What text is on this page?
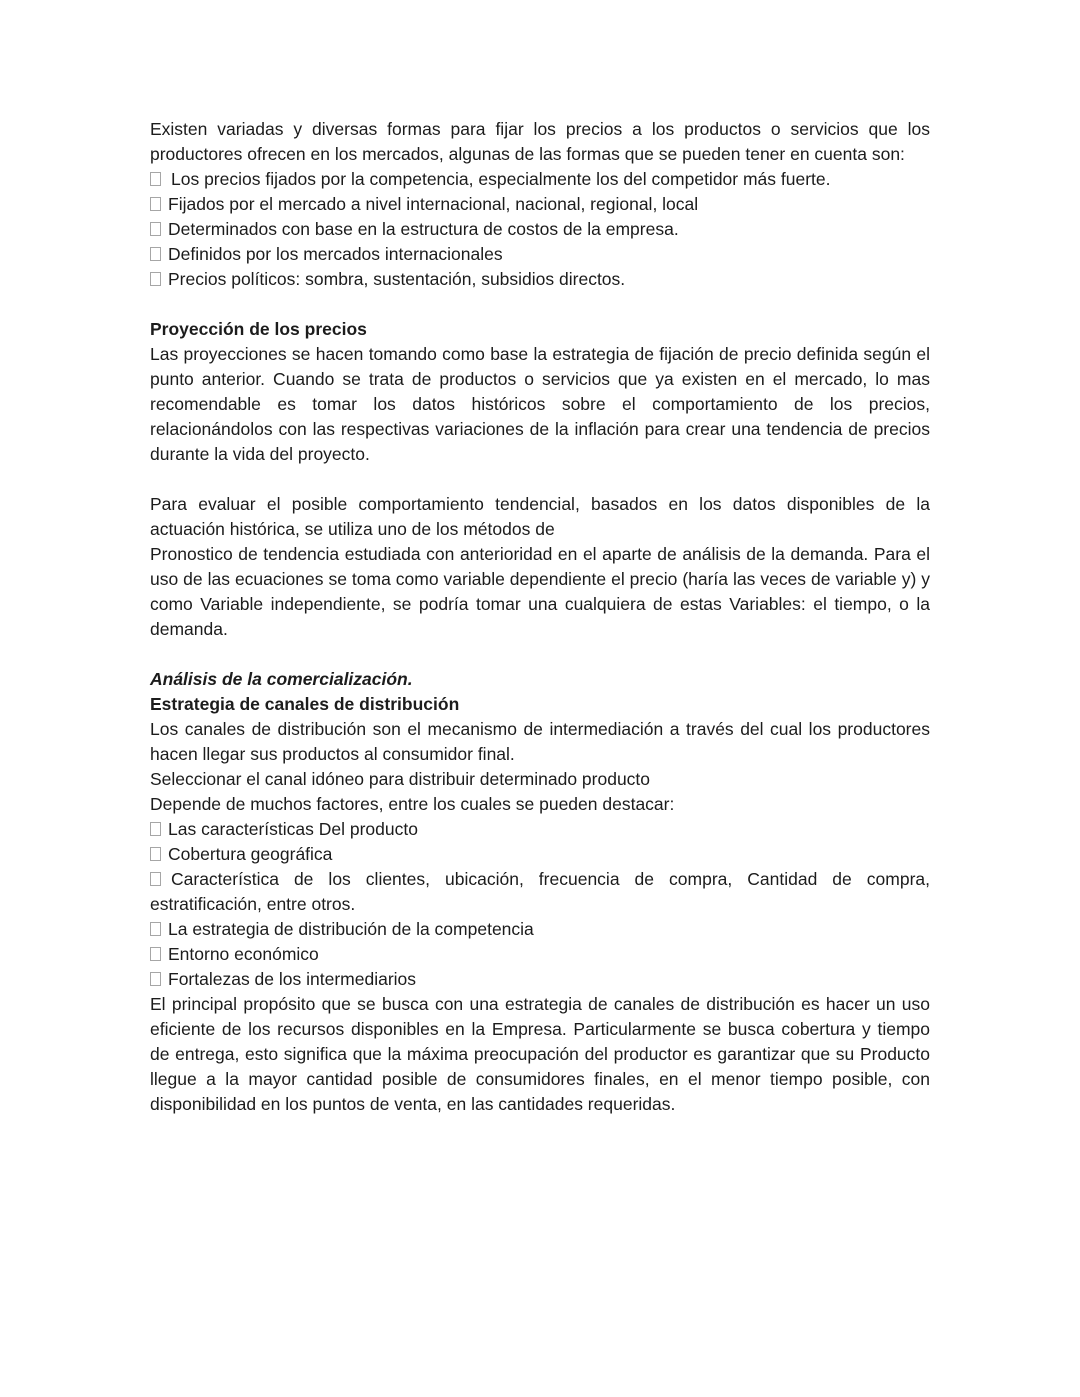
Existen variadas y diversas formas para fijar los precios a los productos o servicios que los productores ofrecen en los mercados, algunas de las formas que se pueden tener en cuenta son:

Los precios fijados por la competencia, especialmente los del competidor más fuerte.

Fijados por el mercado a nivel internacional, nacional, regional, local

Determinados con base en la estructura de costos de la empresa.

Definidos por los mercados internacionales

Precios políticos: sombra, sustentación, subsidios directos.

Proyección de los precios

Las proyecciones se hacen tomando como base la estrategia de fijación de precio definida según el punto anterior. Cuando se trata de productos o servicios que ya existen en el mercado, lo mas recomendable es tomar los datos históricos sobre el comportamiento de los precios, relacionándolos con las respectivas variaciones de la inflación para crear una tendencia de precios durante la vida del proyecto.

Para evaluar el posible comportamiento tendencial, basados en los datos disponibles de la actuación histórica, se utiliza uno de los métodos de
Pronostico de tendencia estudiada con anterioridad en el aparte de análisis de la demanda. Para el uso de las ecuaciones se toma como variable dependiente el precio (haría las veces de variable y) y como Variable independiente, se podría tomar una cualquiera de estas Variables: el tiempo, o la demanda.

Análisis de la comercialización.

Estrategia de canales de distribución

Los canales de distribución son el mecanismo de intermediación a través del cual los productores hacen llegar sus productos al consumidor final.

Seleccionar el canal idóneo para distribuir determinado producto

Depende de muchos factores, entre los cuales se pueden destacar:

Las características Del producto

Cobertura geográfica

Característica de los clientes, ubicación, frecuencia de compra, Cantidad de compra, estratificación, entre otros.

La estrategia de distribución de la competencia

Entorno económico

Fortalezas de los intermediarios

El principal propósito que se busca con una estrategia de canales de distribución es hacer un uso eficiente de los recursos disponibles en la Empresa. Particularmente se busca cobertura y tiempo de entrega, esto significa que la máxima preocupación del productor es garantizar que su Producto llegue a la mayor cantidad posible de consumidores finales, en el menor tiempo posible, con disponibilidad en los puntos de venta, en las cantidades requeridas.
